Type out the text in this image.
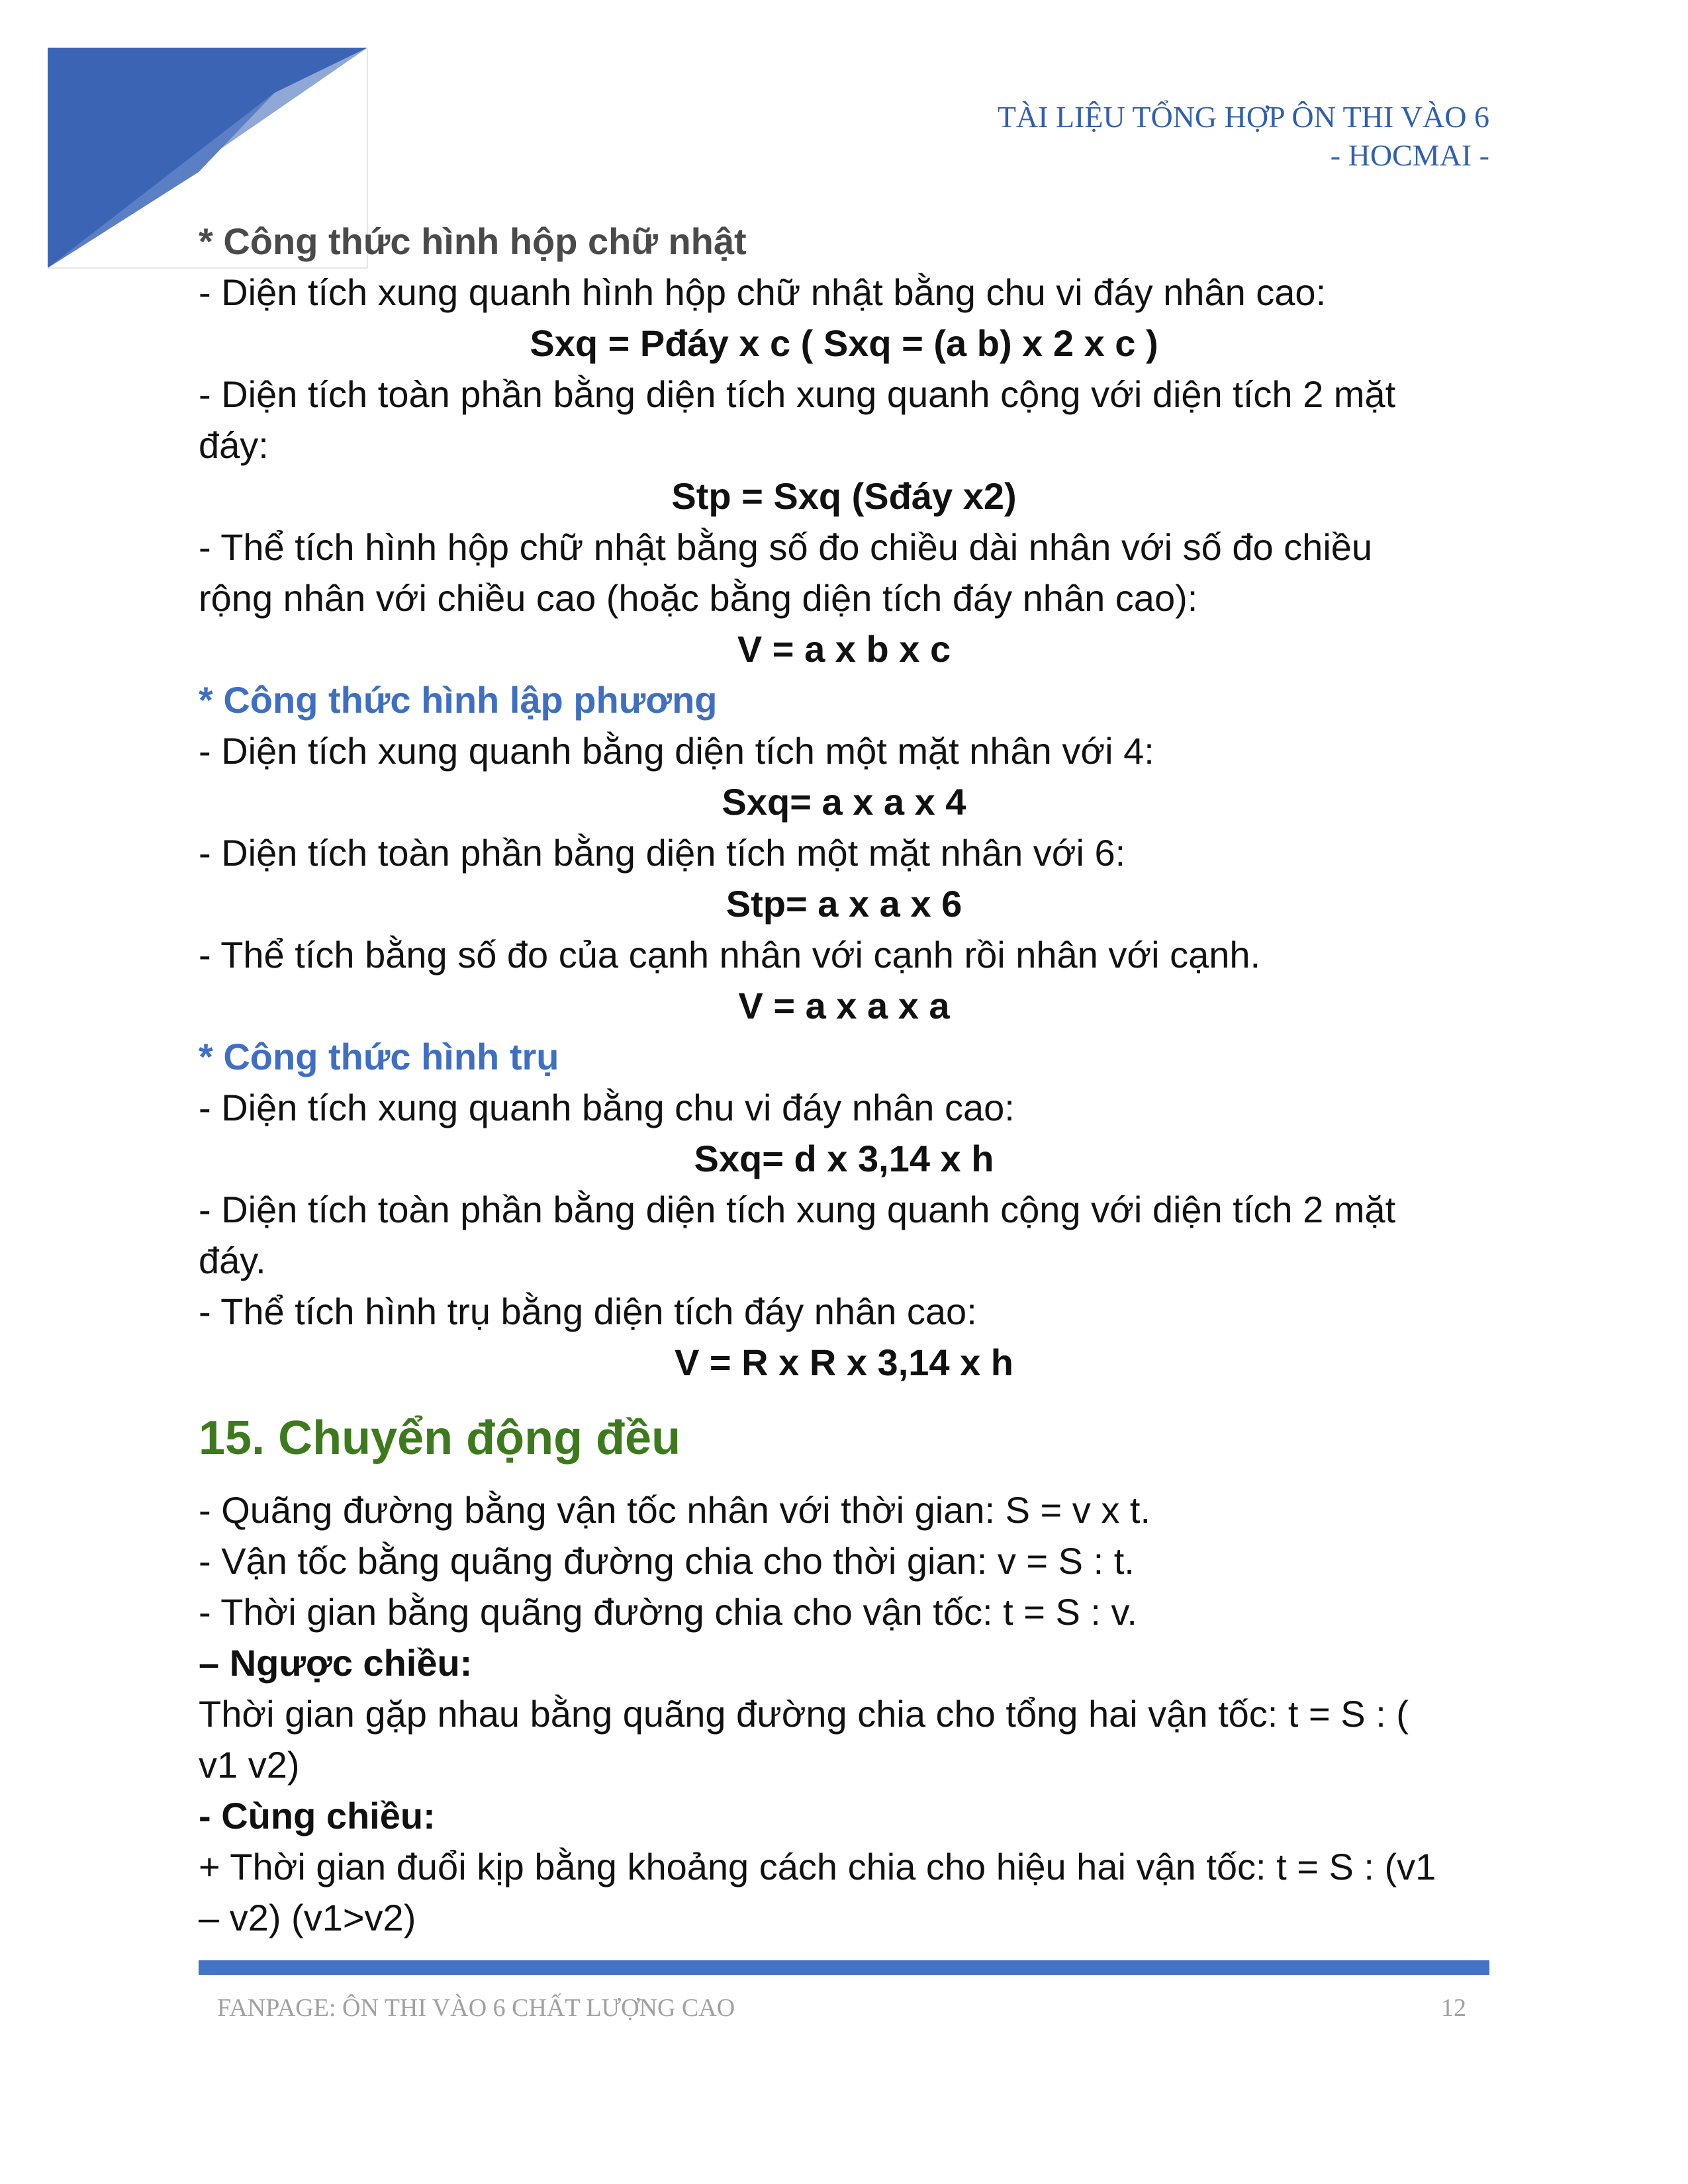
TÀI LIỆU TỔNG HỢP ÔN THI VÀO 6
- HOCMAI -
* Công thức hình hộp chữ nhật
- Diện tích xung quanh hình hộp chữ nhật bằng chu vi đáy nhân cao:
Sxq = Pđáy x c ( Sxq = (a b) x 2 x c )
- Diện tích toàn phần bằng diện tích xung quanh cộng với diện tích 2 mặt
đáy:
Stp = Sxq (Sđáy x2)
- Thể tích hình hộp chữ nhật bằng số đo chiều dài nhân với số đo chiều
rộng nhân với chiều cao (hoặc bằng diện tích đáy nhân cao):
V = a x b x c
* Công thức hình lập phương
- Diện tích xung quanh bằng diện tích một mặt nhân với 4:
Sxq= a x a x 4
- Diện tích toàn phần bằng diện tích một mặt nhân với 6:
Stp= a x a x 6
- Thể tích bằng số đo của cạnh nhân với cạnh rồi nhân với cạnh.
V = a x a x a
* Công thức hình trụ
- Diện tích xung quanh bằng chu vi đáy nhân cao:
Sxq= d x 3,14 x h
- Diện tích toàn phần bằng diện tích xung quanh cộng với diện tích 2 mặt
đáy.
- Thể tích hình trụ bằng diện tích đáy nhân cao:
V = R x R x 3,14 x h
15. Chuyển động đều
- Quãng đường bằng vận tốc nhân với thời gian: S = v x t.
- Vận tốc bằng quãng đường chia cho thời gian: v = S : t.
- Thời gian bằng quãng đường chia cho vận tốc: t = S : v.
– Ngược chiều:
Thời gian gặp nhau bằng quãng đường chia cho tổng hai vận tốc: t = S : (
v1 v2)
- Cùng chiều:
+ Thời gian đuổi kịp bằng khoảng cách chia cho hiệu hai vận tốc: t = S : (v1
– v2) (v1>v2)
FANPAGE: ÔN THI VÀO 6 CHẤT LƯỢNG CAO	12
